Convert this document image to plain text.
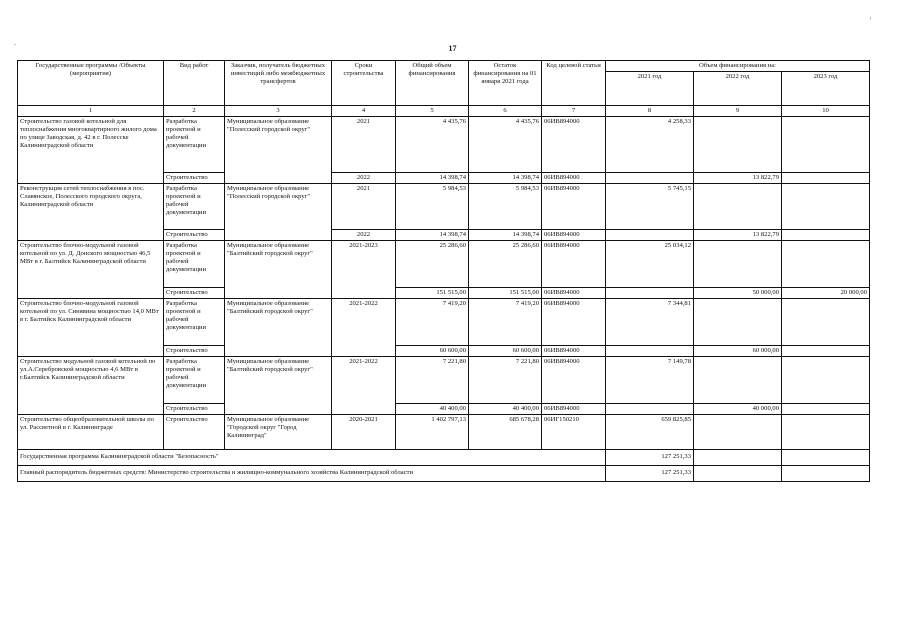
'
.
17
Государственные программы /Объекты (мероприятия)	Вид работ	Заказчик, получатель бюджетных инвестиций либо межбюджетных трансфертов	Сроки строительства	Общий объем финансирования	Остаток финансирования на 01 января 2021 года	Код целевой статьи	Объем финансирования на:		
							2021 год	2022 год	2023 год
1	2	3	4	5	6	7	8	9	10
Строительство газовой котельной для теплоснабжения многоквартирного жилого дома по улице Заводская, д. 42 в г. Полесске Калининградской области	Разработка проектной и рабочей документации	Муниципальное образование "Полесский городской округ"	2021	4 435,76	4 435,76	06ИВ894000	4 258,33		
	Строительство		2022	14 398,74	14 398,74	06ИВ894000		13 822,79	
Реконструкция сетей теплоснабжения в пос. Славянское, Полесского городского округа, Калининградской области	Разработка проектной и рабочей документации	Муниципальное образование "Полесский городской округ"	2021	5 984,53	5 984,53	06ИВ894000	5 745,15		
	Строительство		2022	14 398,74	14 398,74	06ИВ894000		13 822,79	
Строительство блочно-модульной газовой котельной по ул. Д. Донского мощностью 46,5 МВт в г. Балтийск Калининградской области	Разработка проектной и рабочей документации	Муниципальное образование "Балтийский городской округ"	2021-2023	25 286,60	25 286,60	06ИВ894000	25 034,12		
	Строительство			151 515,00	151 515,00	06ИВ894000		50 000,00	20 000,00
Строительство блочно-модульной газовой котельной по ул. Синявина мощностью 14,0 МВт в г. Балтийск Калининградской области	Разработка проектной и рабочей документации	Муниципальное образование "Балтийский городской округ"	2021-2022	7 419,20	7 419,20	06ИВ894000	7 344,81		
	Строительство			60 600,00	60 600,00	06ИВ894000		60 000,00	
Строительство модульной газовой котельной по ул.А.Серебровской мощностью 4,6 МВт в г.Балтийск Калининградской области	Разработка проектной и рабочей документации	Муниципальное образование "Балтийский городской округ"	2021-2022	7 221,80	7 221,80	06ИВ894000	7 149,78		
	Строительство			40 400,00	40 400,00	06ИВ894000		40 000,00	
Строительство общеобразовательной школы по ул. Рассветной в г. Калининграде	Строительство	Муниципальное образование "Городской округ "Город Калининград"	2020-2021	1 402 797,13	685 678,28	06ИГ150210	659 825,85		
Государственная программа Калининградской области "Безопасность"							127 251,33		
Главный распорядитель бюджетных средств: Министерство строительства и жилищно-коммунального хозяйства Калининградской области							127 251,33		
